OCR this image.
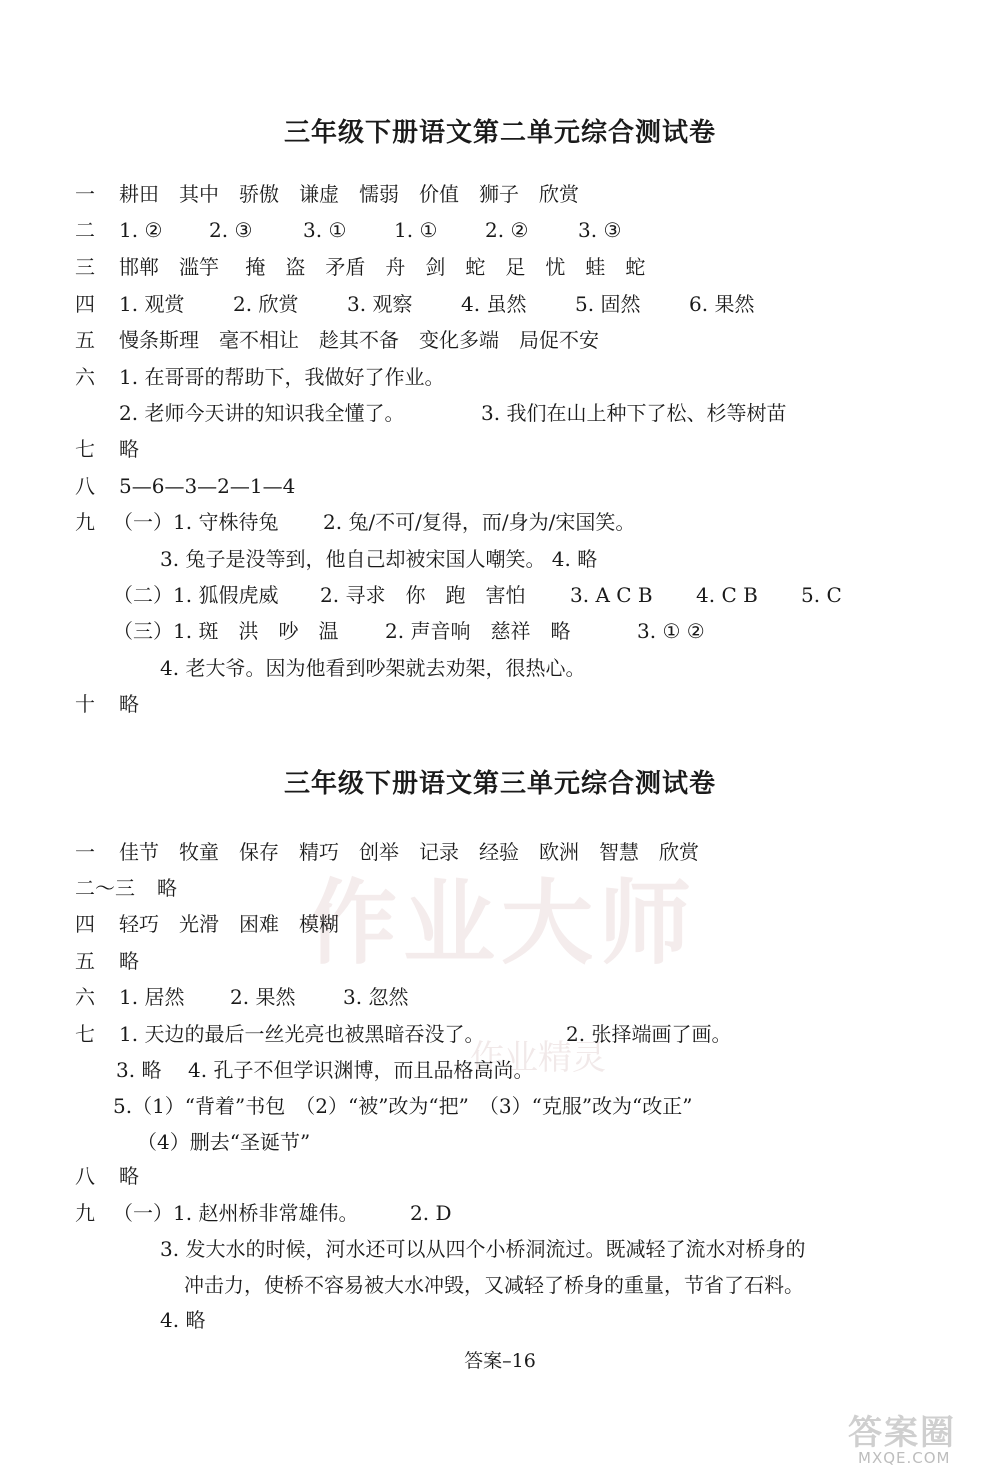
作业大师
作业精灵
三年级下册语文第二单元综合测试卷
一 耕田　其中　骄傲　谦虚　懦弱　价值　狮子　欣赏
二 1. ② 2. ③	3. ① 1. ① 2. ② 3. ③
三 邯郸　滥竽　 掩　盗　矛盾　舟　剑　蛇　足　忧　蛙　蛇
四 1. 观赏 2. 欣赏 3. 观察 4. 虽然 5. 固然 6. 果然
五 慢条斯理　毫不相让　趁其不备　变化多端　局促不安
六 1. 在哥哥的帮助下，我做好了作业。
2. 老师今天讲的知识我全懂了。	3. 我们在山上种下了松、杉等树苗
七 略
八 5—6—3—2—1—4
九 （一）1. 守株待兔 2. 兔/不可/复得，而/身为/宋国笑。
3. 兔子是没等到，他自己却被宋国人嘲笑。 4. 略
（二）1. 狐假虎威 2. 寻求　你　跑　害怕 3. A C B 4. C B 5. C
（三）1. 斑　洪　吵　温 2. 声音响　慈祥　略	3. ① ②
4. 老大爷。因为他看到吵架就去劝架，很热心。
十 略
三年级下册语文第三单元综合测试卷
一 佳节　牧童　保存　精巧　创举　记录　经验　欧洲　智慧　欣赏
二～三 略
四 轻巧　光滑　困难　模糊
五 略
六 1. 居然 2. 果然 3. 忽然
七 1. 天边的最后一丝光亮也被黑暗吞没了。	2. 张择端画了画。
3. 略 4. 孔子不但学识渊博，而且品格高尚。
5.（1）“背着”书包　（2）“被”改为“把”　（3）“克服”改为“改正”
（4）删去“圣诞节”
八 略
九 （一）1. 赵州桥非常雄伟。	2. D
3. 发大水的时候，河水还可以从四个小桥洞流过。既减轻了流水对桥身的
冲击力，使桥不容易被大水冲毁，又减轻了桥身的重量，节省了石料。
4. 略
答案–16
答案圈
MXQE.COM
